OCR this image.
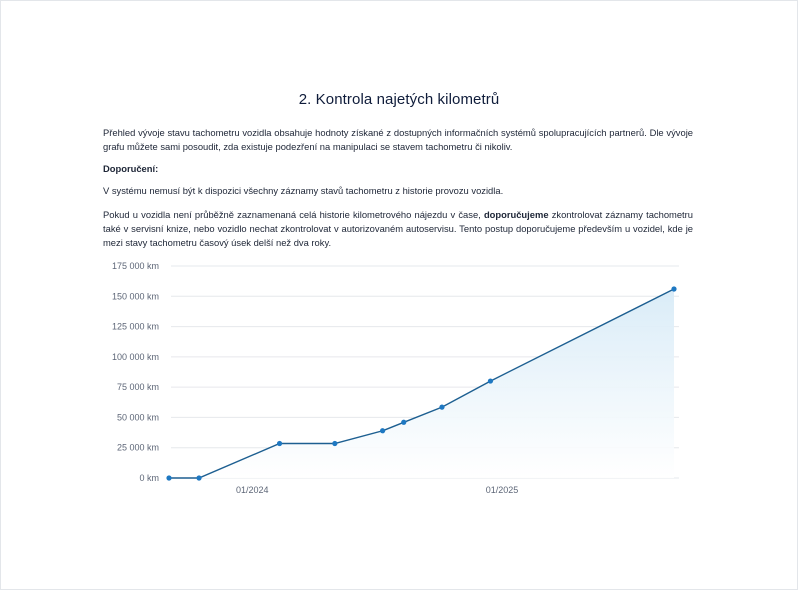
2. Kontrola najetých kilometrů

Přehled vývoje stavu tachometru vozidla obsahuje hodnoty získané z dostupných informačních systémů spolupracujících partnerů. Dle vývoje grafu můžete sami posoudit, zda existuje podezření na manipulaci se stavem tachometru či nikoliv.

Doporučení:

V systému nemusí být k dispozici všechny záznamy stavů tachometru z historie provozu vozidla.

Pokud u vozidla není průběžně zaznamenaná celá historie kilometrového nájezdu v čase, doporučujeme zkontrolovat záznamy tachometru také v servisní knize, nebo vozidlo nechat zkontrolovat v autorizovaném autoservisu. Tento postup doporučujeme především u vozidel, kde je mezi stavy tachometru časový úsek delší než dva roky.

0 km
25 000 km
50 000 km
75 000 km
100 000 km
125 000 km
150 000 km
175 000 km
01/2024	01/2025
